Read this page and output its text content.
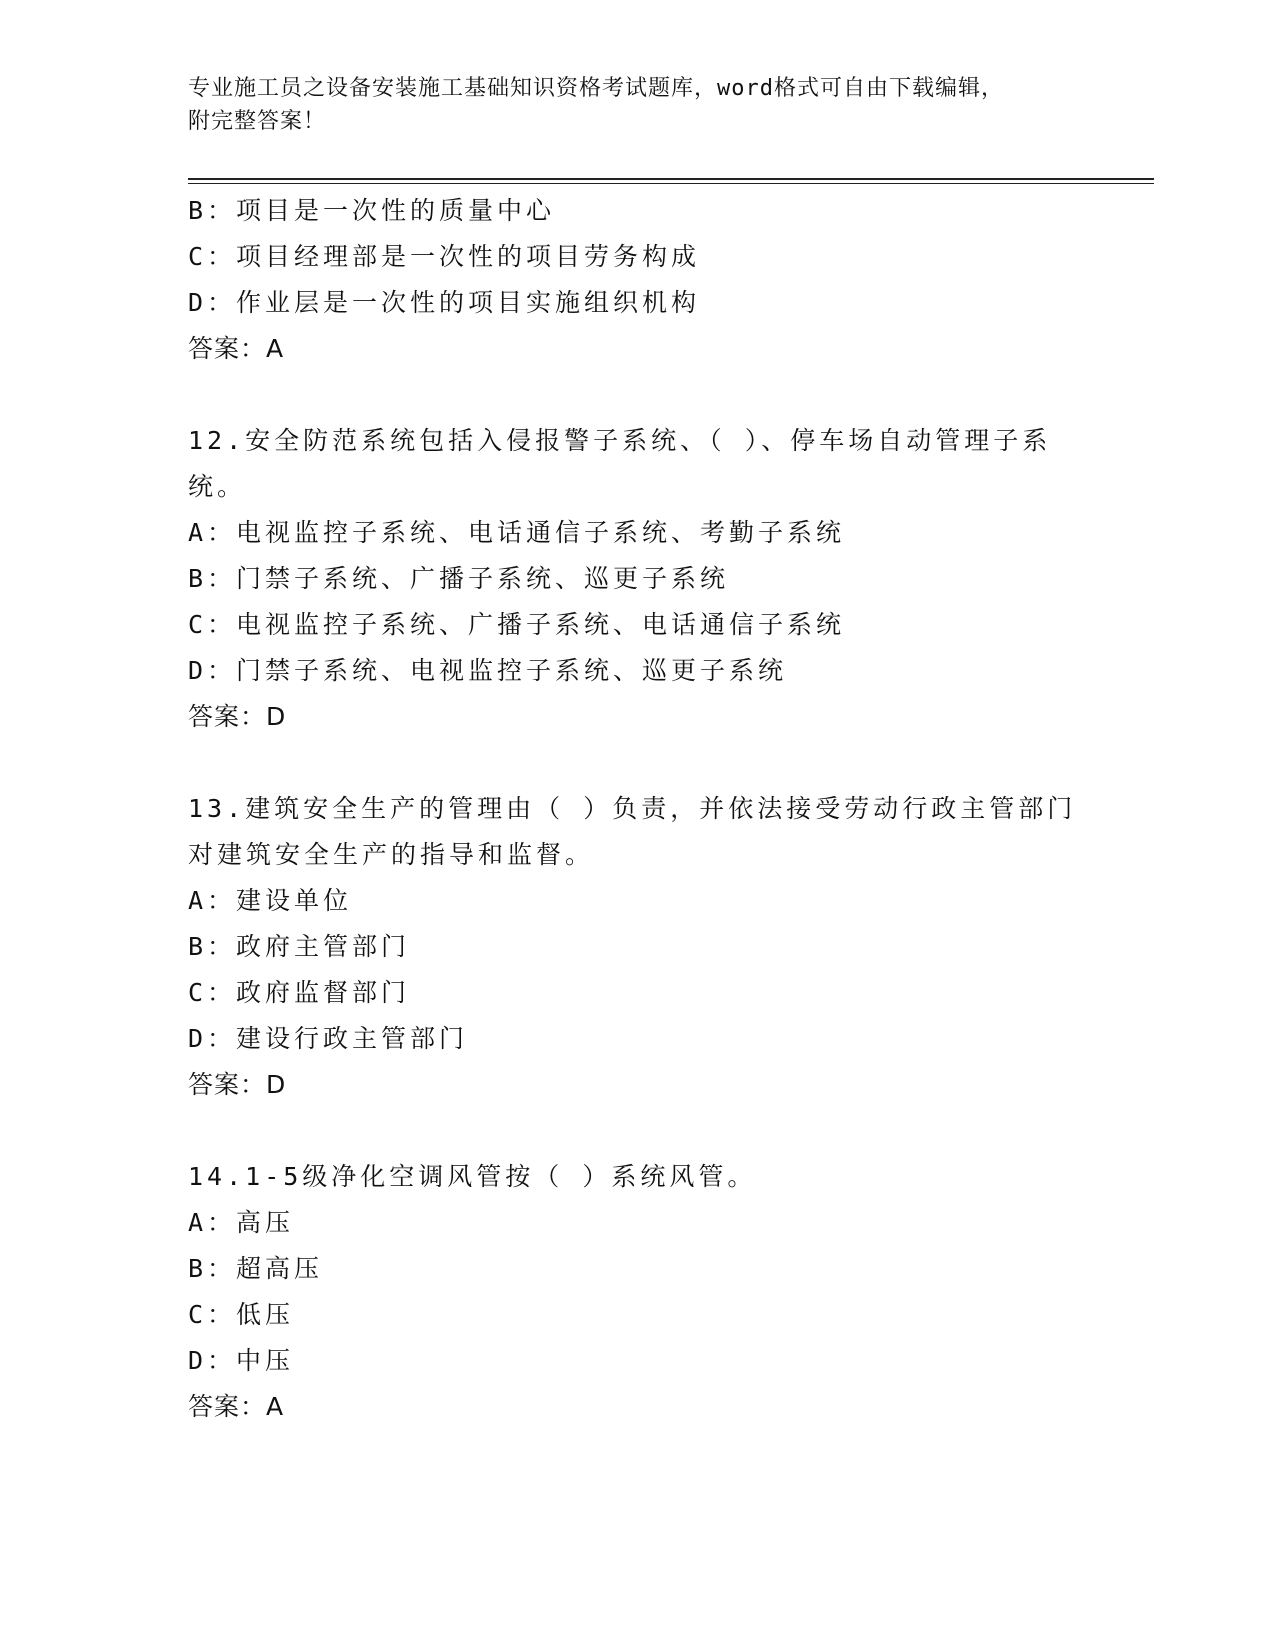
专业施工员之设备安装施工基础知识资格考试题库，word格式可自由下载编辑，
附完整答案！
B：项目是一次性的质量中心
C：项目经理部是一次性的项目劳务构成
D：作业层是一次性的项目实施组织机构
答案：A
12.安全防范系统包括入侵报警子系统、（ ）、停车场自动管理子系
统。
A：电视监控子系统、电话通信子系统、考勤子系统
B：门禁子系统、广播子系统、巡更子系统
C：电视监控子系统、广播子系统、电话通信子系统
D：门禁子系统、电视监控子系统、巡更子系统
答案：D
13.建筑安全生产的管理由（ ）负责，并依法接受劳动行政主管部门
对建筑安全生产的指导和监督。
A：建设单位
B：政府主管部门
C：政府监督部门
D：建设行政主管部门
答案：D
14.1-5级净化空调风管按（ ）系统风管。
A：高压
B：超高压
C：低压
D：中压
答案：A
